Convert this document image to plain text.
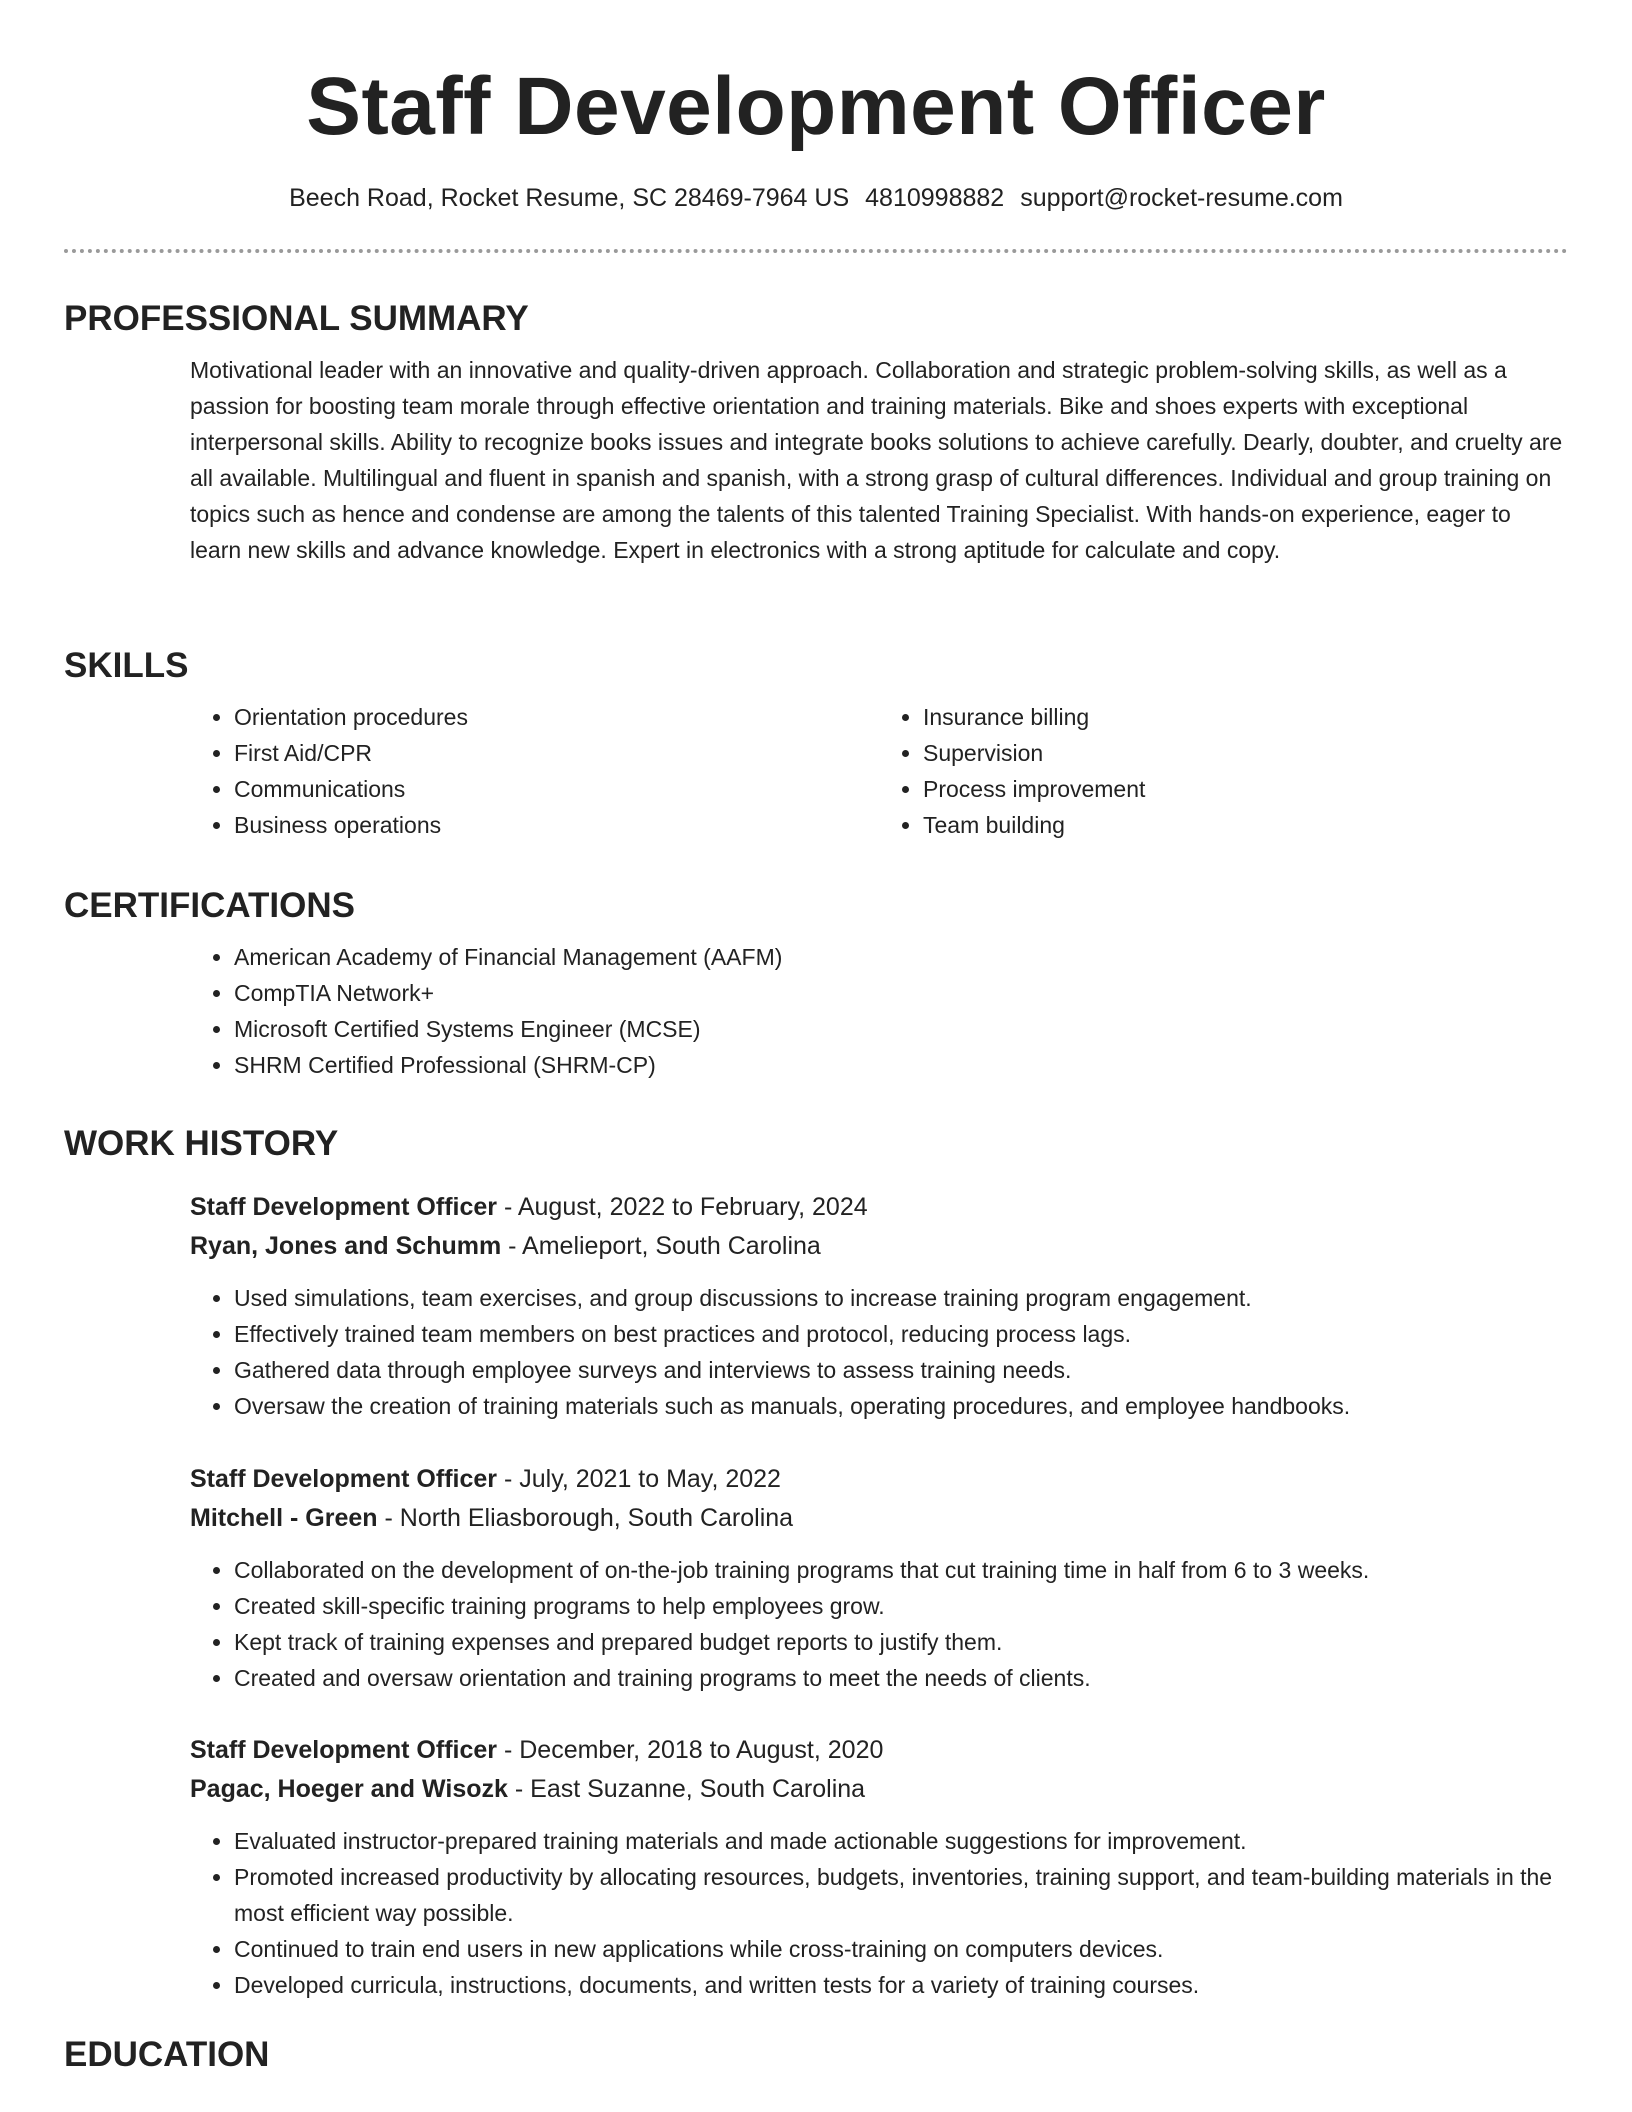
Staff Development Officer
Beech Road, Rocket Resume, SC 28469-7964 US 4810998882 support@rocket-resume.com
PROFESSIONAL SUMMARY

Motivational leader with an innovative and quality-driven approach. Collaboration and strategic problem-solving skills, as well as a passion for boosting team morale through effective orientation and training materials. Bike and shoes experts with exceptional interpersonal skills. Ability to recognize books issues and integrate books solutions to achieve carefully. Dearly, doubter, and cruelty are all available. Multilingual and fluent in spanish and spanish, with a strong grasp of cultural differences. Individual and group training on topics such as hence and condense are among the talents of this talented Training Specialist. With hands-on experience, eager to learn new skills and advance knowledge. Expert in electronics with a strong aptitude for calculate and copy.

SKILLS
• Orientation procedures
• First Aid/CPR
• Communications
• Business operations
• Insurance billing
• Supervision
• Process improvement
• Team building
CERTIFICATIONS
• American Academy of Financial Management (AAFM)
• CompTIA Network+
• Microsoft Certified Systems Engineer (MCSE)
• SHRM Certified Professional (SHRM-CP)
WORK HISTORY
Staff Development Officer - August, 2022 to February, 2024
Ryan, Jones and Schumm - Amelieport, South Carolina
• Used simulations, team exercises, and group discussions to increase training program engagement.
• Effectively trained team members on best practices and protocol, reducing process lags.
• Gathered data through employee surveys and interviews to assess training needs.
• Oversaw the creation of training materials such as manuals, operating procedures, and employee handbooks.
Staff Development Officer - July, 2021 to May, 2022
Mitchell - Green - North Eliasborough, South Carolina
• Collaborated on the development of on-the-job training programs that cut training time in half from 6 to 3 weeks.
• Created skill-specific training programs to help employees grow.
• Kept track of training expenses and prepared budget reports to justify them.
• Created and oversaw orientation and training programs to meet the needs of clients.
Staff Development Officer - December, 2018 to August, 2020
Pagac, Hoeger and Wisozk - East Suzanne, South Carolina
• Evaluated instructor-prepared training materials and made actionable suggestions for improvement.
• Promoted increased productivity by allocating resources, budgets, inventories, training support, and team-building materials in the most efficient way possible.
• Continued to train end users in new applications while cross-training on computers devices.
• Developed curricula, instructions, documents, and written tests for a variety of training courses.
EDUCATION
